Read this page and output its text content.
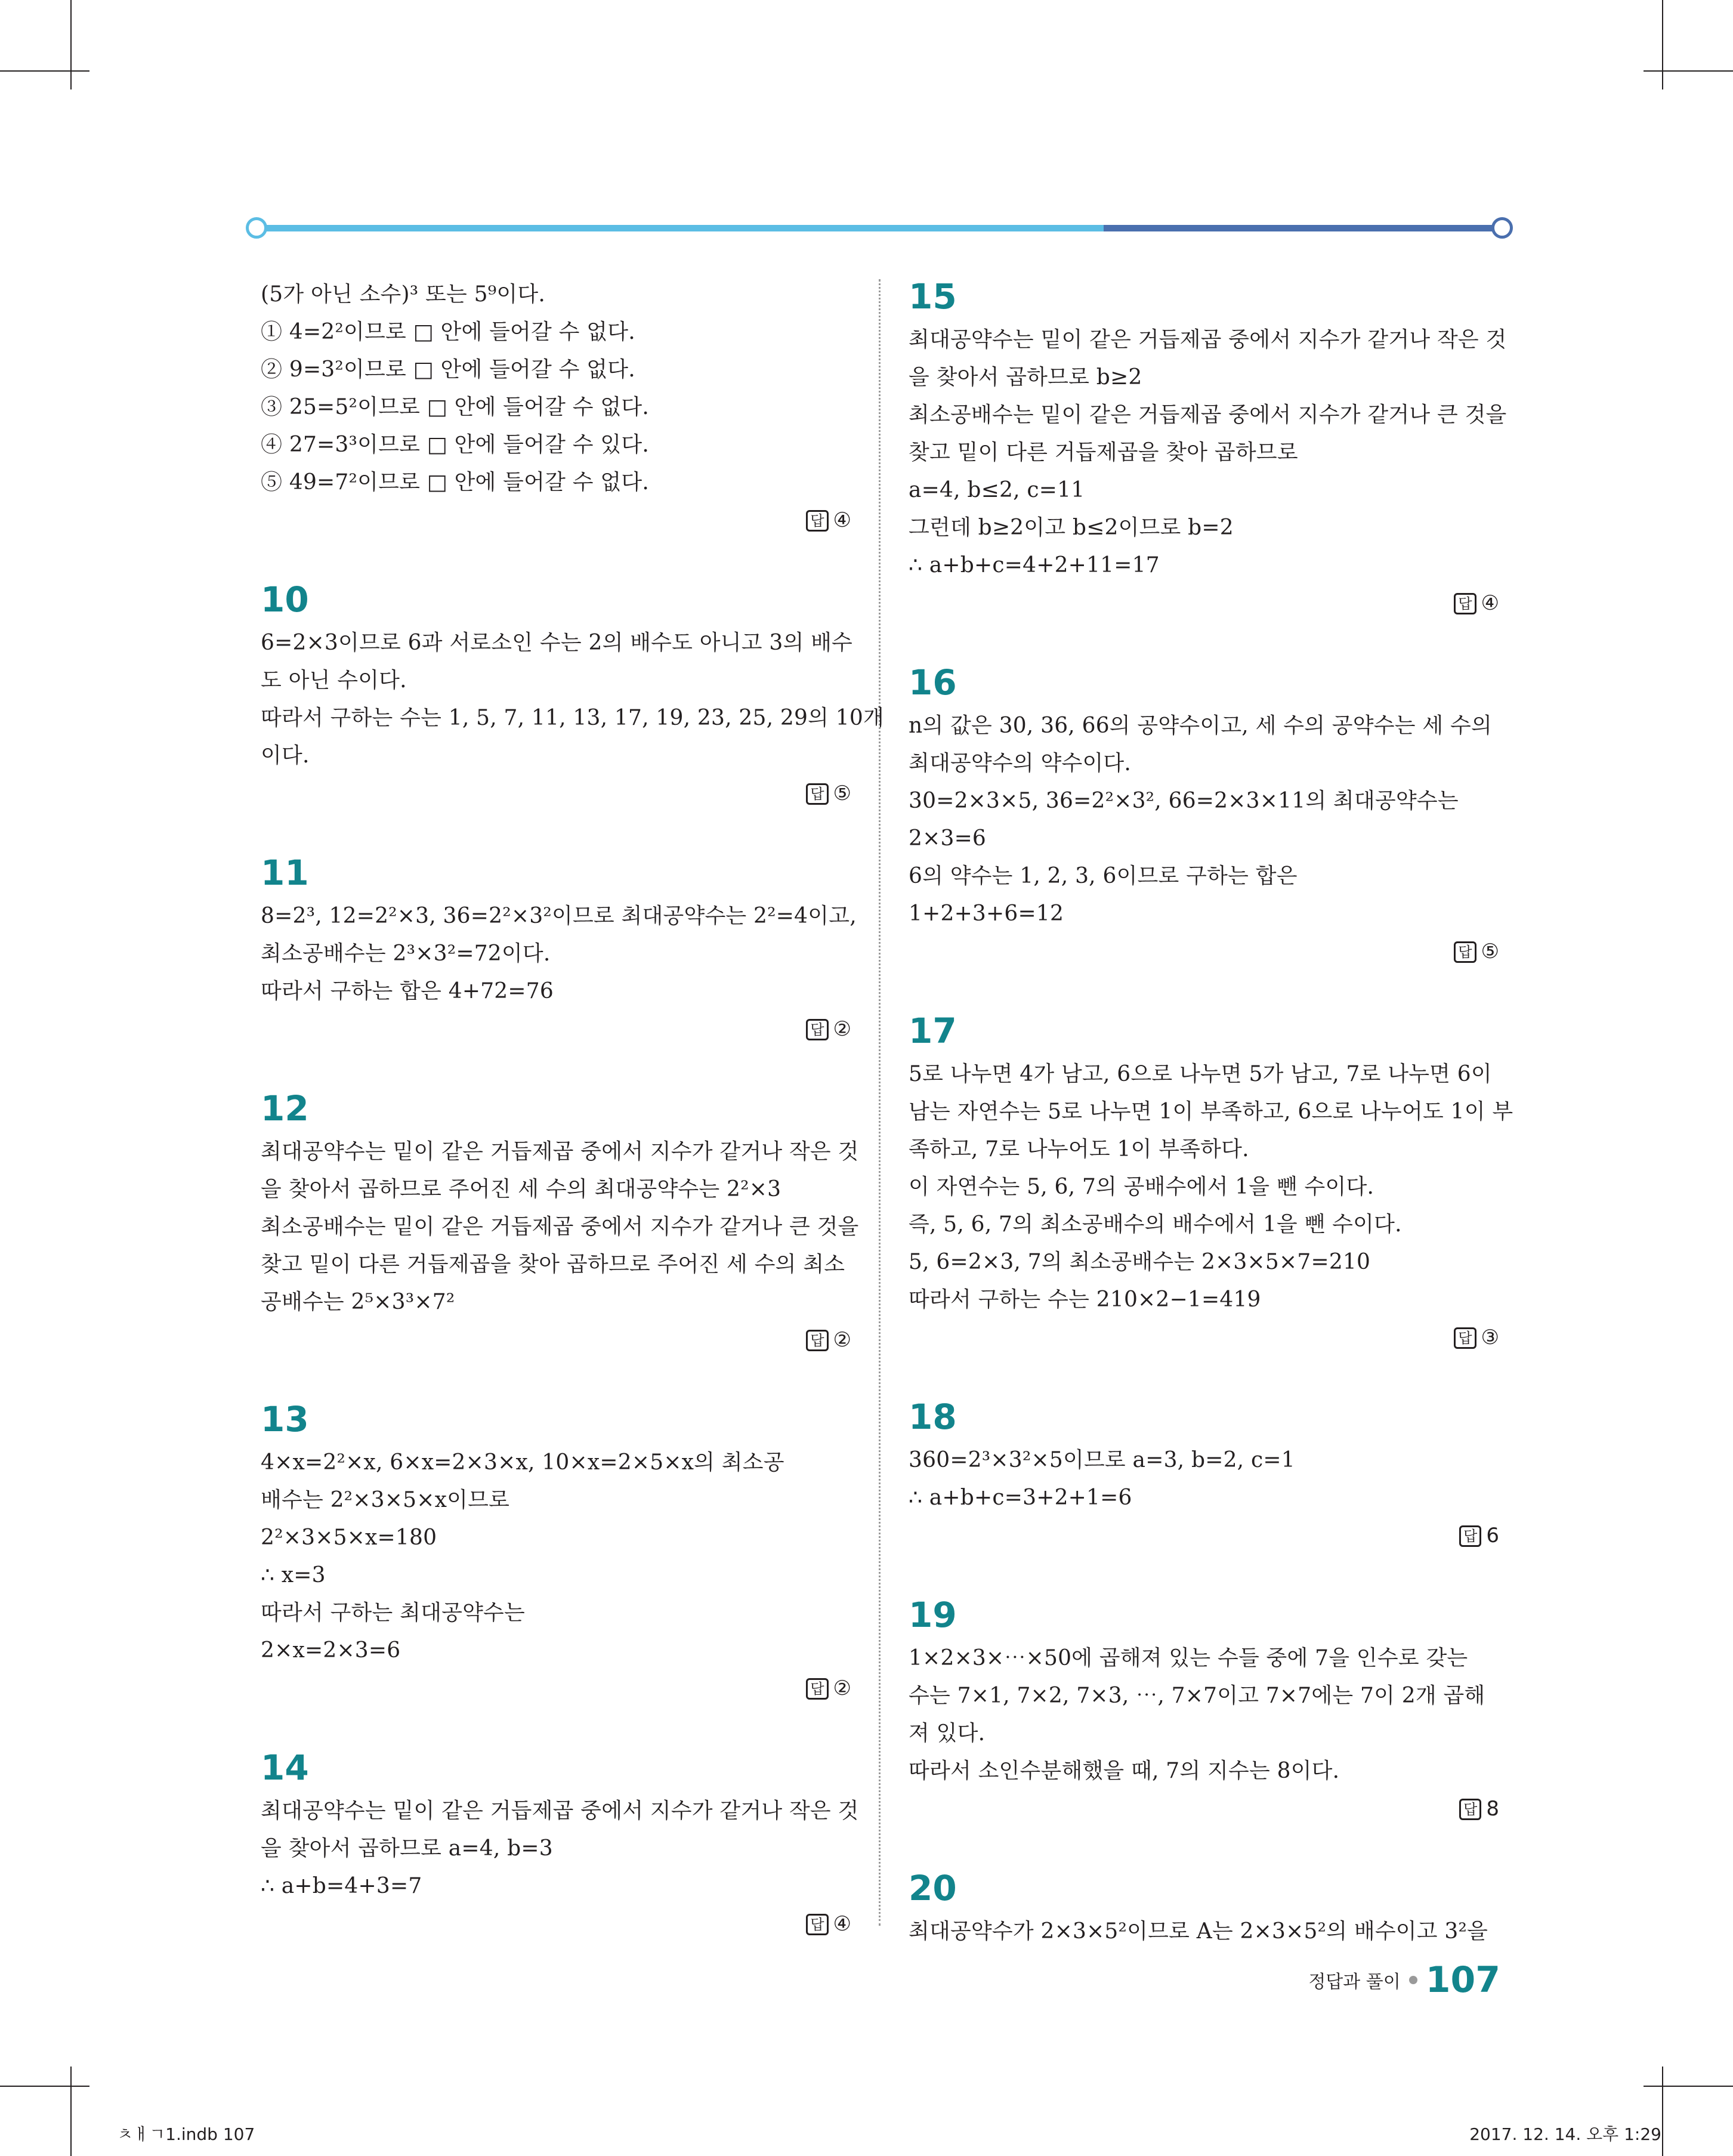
(5가 아닌 소수)³ 또는 5⁹이다.
① 4=2²이므로 □ 안에 들어갈 수 없다.
② 9=3²이므로 □ 안에 들어갈 수 없다.
③ 25=5²이므로 □ 안에 들어갈 수 없다.
④ 27=3³이므로 □ 안에 들어갈 수 있다.
⑤ 49=7²이므로 □ 안에 들어갈 수 없다.
답 ④
10
6=2×3이므로 6과 서로소인 수는 2의 배수도 아니고 3의 배수
도 아닌 수이다.
따라서 구하는 수는 1, 5, 7, 11, 13, 17, 19, 23, 25, 29의 10개
이다.
답 ⑤
11
8=2³, 12=2²×3, 36=2²×3²이므로 최대공약수는 2²=4이고,
최소공배수는 2³×3²=72이다.
따라서 구하는 합은 4+72=76
답 ②
12
최대공약수는 밑이 같은 거듭제곱 중에서 지수가 같거나 작은 것
을 찾아서 곱하므로 주어진 세 수의 최대공약수는 2²×3
최소공배수는 밑이 같은 거듭제곱 중에서 지수가 같거나 큰 것을
찾고 밑이 다른 거듭제곱을 찾아 곱하므로 주어진 세 수의 최소
공배수는 2⁵×3³×7²
답 ②
13
4×x=2²×x, 6×x=2×3×x, 10×x=2×5×x의 최소공
배수는 2²×3×5×x이므로
2²×3×5×x=180
∴ x=3
따라서 구하는 최대공약수는
2×x=2×3=6
답 ②
14
최대공약수는 밑이 같은 거듭제곱 중에서 지수가 같거나 작은 것
을 찾아서 곱하므로 a=4, b=3
∴ a+b=4+3=7
답 ④
15
최대공약수는 밑이 같은 거듭제곱 중에서 지수가 같거나 작은 것
을 찾아서 곱하므로 b≥2
최소공배수는 밑이 같은 거듭제곱 중에서 지수가 같거나 큰 것을
찾고 밑이 다른 거듭제곱을 찾아 곱하므로
a=4, b≤2, c=11
그런데 b≥2이고 b≤2이므로 b=2
∴ a+b+c=4+2+11=17
답 ④
16
n의 값은 30, 36, 66의 공약수이고, 세 수의 공약수는 세 수의
최대공약수의 약수이다.
30=2×3×5, 36=2²×3², 66=2×3×11의 최대공약수는
2×3=6
6의 약수는 1, 2, 3, 6이므로 구하는 합은
1+2+3+6=12
답 ⑤
17
5로 나누면 4가 남고, 6으로 나누면 5가 남고, 7로 나누면 6이
남는 자연수는 5로 나누면 1이 부족하고, 6으로 나누어도 1이 부
족하고, 7로 나누어도 1이 부족하다.
이 자연수는 5, 6, 7의 공배수에서 1을 뺀 수이다.
즉, 5, 6, 7의 최소공배수의 배수에서 1을 뺀 수이다.
5, 6=2×3, 7의 최소공배수는 2×3×5×7=210
따라서 구하는 수는 210×2−1=419
답 ③
18
360=2³×3²×5이므로 a=3, b=2, c=1
∴ a+b+c=3+2+1=6
답 6
19
1×2×3×⋯×50에 곱해져 있는 수들 중에 7을 인수로 갖는
수는 7×1, 7×2, 7×3, ⋯, 7×7이고 7×7에는 7이 2개 곱해
져 있다.
따라서 소인수분해했을 때, 7의 지수는 8이다.
답 8
20
최대공약수가 2×3×5²이므로 A는 2×3×5²의 배수이고 3²을
정답과 풀이 107
ㅊㅐㄱ1.indb 107	2017. 12. 14. 오후 1:29
